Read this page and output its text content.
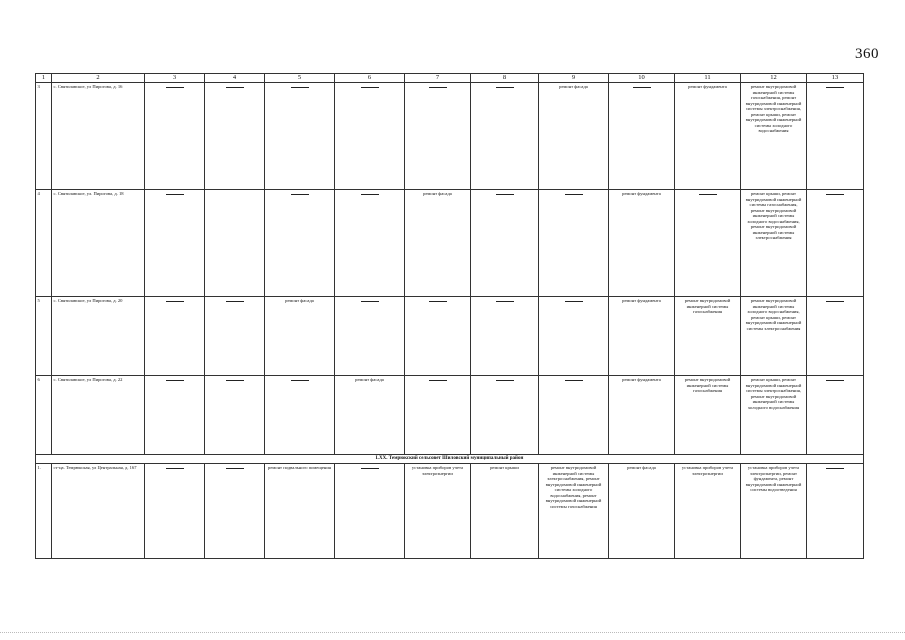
360
1	2	3	4	5	6	7	8	9	10	11	12	13
3	с. Святилавское, ул Пирогова, д. 16							ремонт фасада		ремонт фундамента	ремонт внутридомовой инженерной системы газоснабжения, ремонт внутридомовой инженерной системы электроснабжения, ремонт крыши, ремонт внутридомовой инженерной системы холодного водоснабжения	

4	с. Святилавское, ул. Пирогова, д. 18					ремонт фасада			ремонт фундамента		ремонт крыши, ремонт внутридомовой инженерной системы газоснабжения, ремонт внутридомовой инженерной системы холодного водоснабжения, ремонт внутридомовой инженерной системы электроснабжения	

5	с. Святилавское, ул Пирогова, д. 20			ремонт фасада					ремонт фундамента	ремонт внутридомовой инженерной системы газоснабжения	ремонт внутридомовой инженерной системы холодного водоснабжения, ремонт крыши, ремонт внутридомовой инженерной системы электроснабжения	

6	с. Святилавское, ул Пирогова, д. 22				ремонт фасада				ремонт фундамента	ремонт внутридомовой инженерной системы газоснабжения	ремонт крыши, ремонт внутридомовой инженерной системы электроснабжения, ремонт внутридомовой инженерной системы холодного водоснабжения	

LXX. Темрюкский сельсовет Шиловский муниципальный район												
1.	ст-ца. Темрюкская, ул Центральная, д. 167			ремонт подвального помещения		установка приборов учета электроэнергии	ремонт крыши	ремонт внутридомовой инженерной системы электроснабжения, ремонт внутридомовой инженерной системы холодного водоснабжения, ремонт внутридомовой инженерной системы газоснабжения	ремонт фасада	установка приборов учета электроэнергии	установка приборов учета электроэнергии, ремонт фундамента, ремонт внутридомовой инженерной системы водоотведения	
